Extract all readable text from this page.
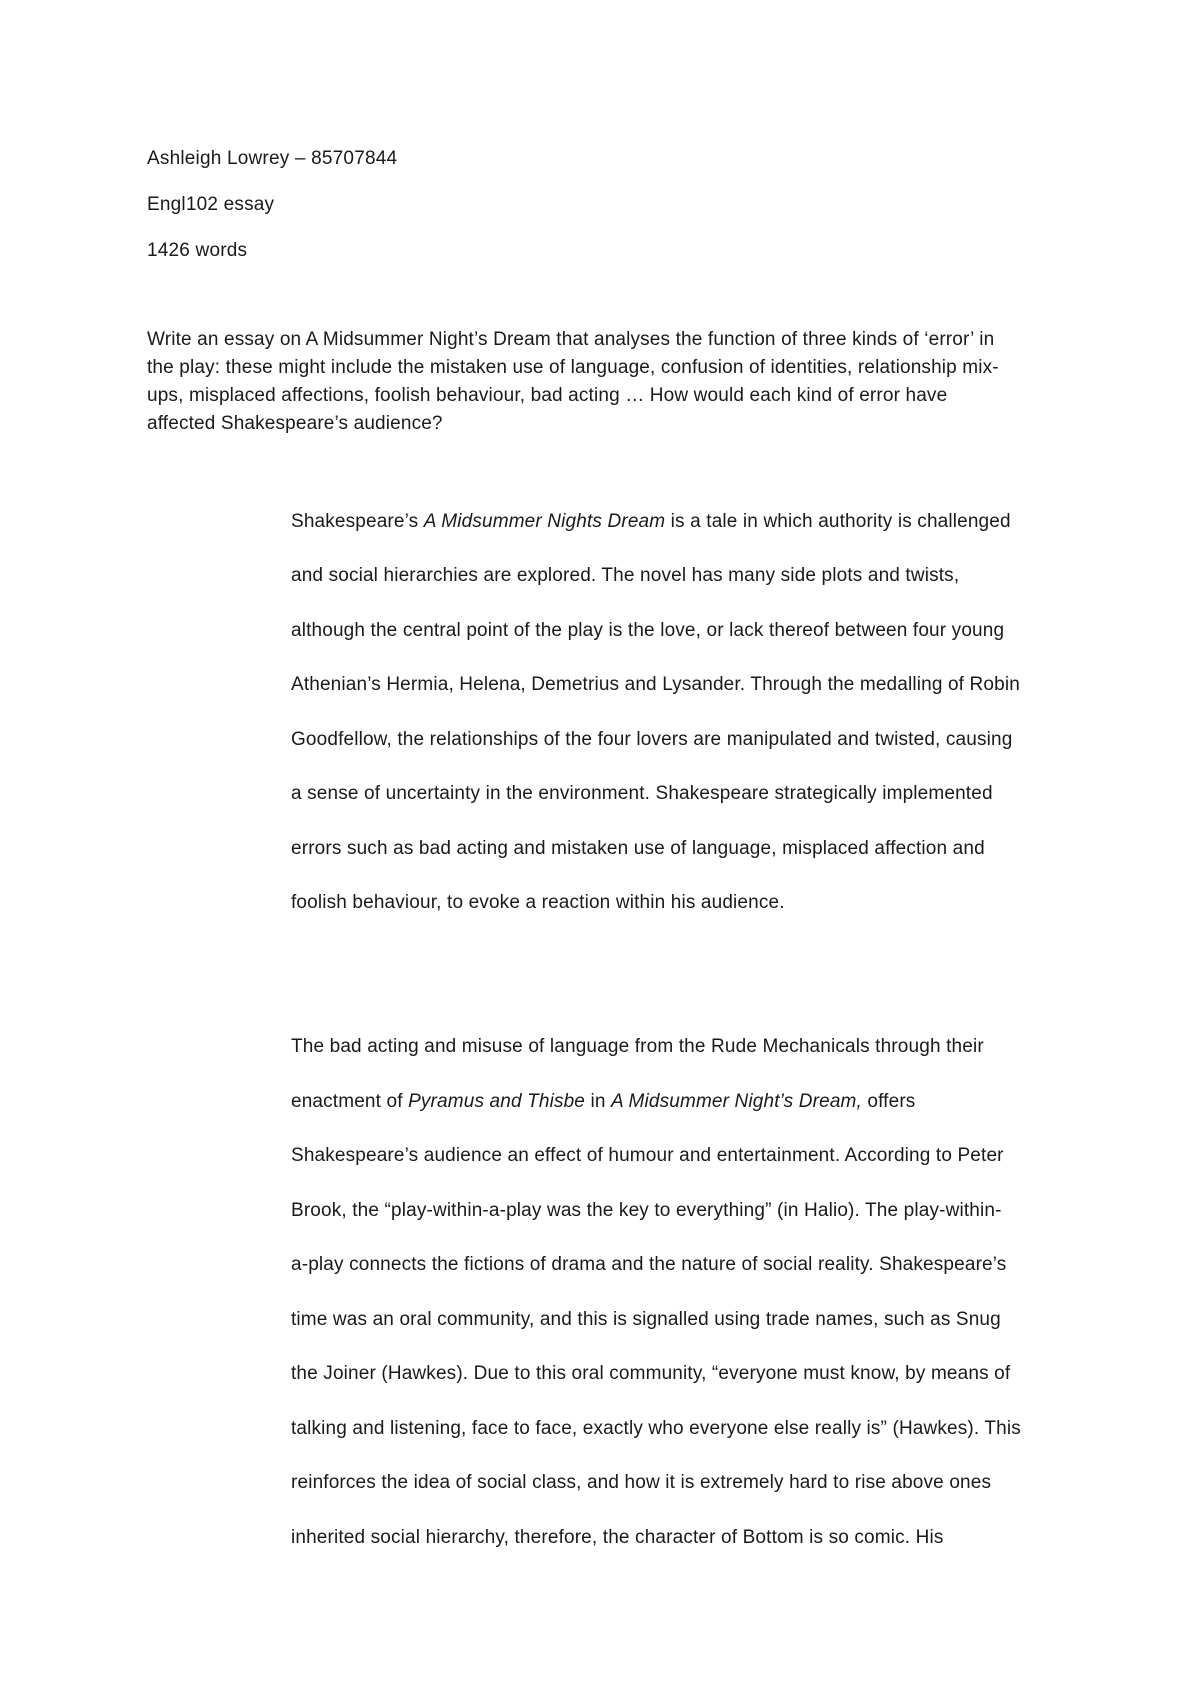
Ashleigh Lowrey – 85707844
Engl102 essay
1426 words
Write an essay on A Midsummer Night’s Dream that analyses the function of three kinds of ‘error’ in
the play: these might include the mistaken use of language, confusion of identities, relationship mix-
ups, misplaced affections, foolish behaviour, bad acting … How would each kind of error have
affected Shakespeare’s audience?
Shakespeare’s A Midsummer Nights Dream is a tale in which authority is challenged
and social hierarchies are explored. The novel has many side plots and twists,
although the central point of the play is the love, or lack thereof between four young
Athenian’s Hermia, Helena, Demetrius and Lysander. Through the medalling of Robin
Goodfellow, the relationships of the four lovers are manipulated and twisted, causing
a sense of uncertainty in the environment. Shakespeare strategically implemented
errors such as bad acting and mistaken use of language, misplaced affection and
foolish behaviour, to evoke a reaction within his audience.
The bad acting and misuse of language from the Rude Mechanicals through their
enactment of Pyramus and Thisbe in A Midsummer Night’s Dream, offers
Shakespeare’s audience an effect of humour and entertainment. According to Peter
Brook, the “play-within-a-play was the key to everything” (in Halio). The play-within-
a-play connects the fictions of drama and the nature of social reality. Shakespeare’s
time was an oral community, and this is signalled using trade names, such as Snug
the Joiner (Hawkes). Due to this oral community, “everyone must know, by means of
talking and listening, face to face, exactly who everyone else really is” (Hawkes). This
reinforces the idea of social class, and how it is extremely hard to rise above ones
inherited social hierarchy, therefore, the character of Bottom is so comic. His
